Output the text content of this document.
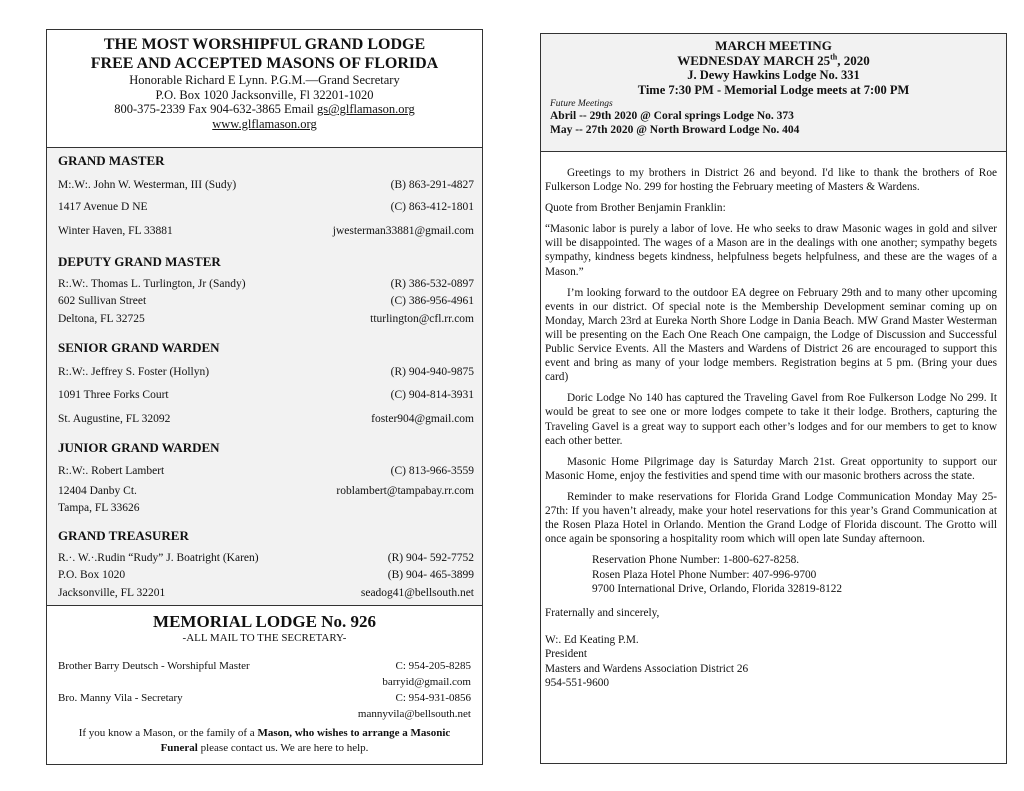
THE MOST WORSHIPFUL GRAND LODGE
FREE AND ACCEPTED MASONS OF FLORIDA
Honorable Richard E Lynn. P.G.M.—Grand Secretary
P.O. Box 1020 Jacksonville, Fl 32201-1020
800-375-2339 Fax 904-632-3865 Email gs@glflamason.org
www.glflamason.org
GRAND MASTER
M:.W:. John W. Westerman, III (Sudy)	(B) 863-291-4827
1417 Avenue D NE	(C) 863-412-1801
Winter Haven, FL 33881	jwesterman33881@gmail.com
DEPUTY GRAND MASTER
R:.W:. Thomas L. Turlington, Jr (Sandy)	(R) 386-532-0897
602 Sullivan Street	(C) 386-956-4961
Deltona, FL 32725	tturlington@cfl.rr.com
SENIOR GRAND WARDEN
R:.W:. Jeffrey S. Foster (Hollyn)	(R) 904-940-9875
1091 Three Forks Court	(C) 904-814-3931
St. Augustine, FL 32092	foster904@gmail.com
JUNIOR GRAND WARDEN
R:.W:. Robert Lambert	(C) 813-966-3559
12404 Danby Ct.	roblambert@tampabay.rr.com
Tampa, FL 33626
GRAND TREASURER
R.·. W.·.Rudin “Rudy” J. Boatright (Karen)	(R) 904- 592-7752
P.O. Box 1020	(B) 904- 465-3899
Jacksonville, FL 32201	seadog41@bellsouth.net
MEMORIAL LODGE No. 926
-ALL MAIL TO THE SECRETARY-
Brother Barry Deutsch - Worshipful Master	C: 954-205-8285
barryid@gmail.com
Bro. Manny Vila - Secretary	C: 954-931-0856
mannyvila@bellsouth.net
If you know a Mason, or the family of a Mason, who wishes to arrange a Masonic Funeral please contact us. We are here to help.
MARCH MEETING
WEDNESDAY MARCH 25th, 2020
J. Dewy Hawkins Lodge No. 331
Time 7:30 PM - Memorial Lodge meets at 7:00 PM
Future Meetings
Abril -- 29th 2020 @ Coral springs Lodge No. 373
May -- 27th 2020 @ North Broward Lodge No. 404

Greetings to my brothers in District 26 and beyond. I'd like to thank the brothers of Roe Fulkerson Lodge No. 299 for hosting the February meeting of Masters & Wardens.

Quote from Brother Benjamin Franklin:

“Masonic labor is purely a labor of love. He who seeks to draw Masonic wages in gold and silver will be disappointed. The wages of a Mason are in the dealings with one another; sympathy begets sympathy, kindness begets kindness, helpfulness begets helpfulness, and these are the wages of a Mason.”

I’m looking forward to the outdoor EA degree on February 29th and to many other upcoming events in our district. Of special note is the Membership Development seminar coming up on Monday, March 23rd at Eureka North Shore Lodge in Dania Beach. MW Grand Master Westerman will be presenting on the Each One Reach One campaign, the Lodge of Discussion and Successful Public Service Events. All the Masters and Wardens of District 26 are encouraged to support this event and bring as many of your lodge members. Registration begins at 5 pm. (Bring your dues card)

Doric Lodge No 140 has captured the Traveling Gavel from Roe Fulkerson Lodge No 299. It would be great to see one or more lodges compete to take it their lodge. Brothers, capturing the Traveling Gavel is a great way to support each other’s lodges and for our members to get to know each other better.

Masonic Home Pilgrimage day is Saturday March 21st. Great opportunity to support our Masonic Home, enjoy the festivities and spend time with our masonic brothers across the state.

Reminder to make reservations for Florida Grand Lodge Communication Monday May 25-27th: If you haven’t already, make your hotel reservations for this year’s Grand Communication at the Rosen Plaza Hotel in Orlando. Mention the Grand Lodge of Florida discount. The Grotto will once again be sponsoring a hospitality room which will open late Sunday afternoon.

Reservation Phone Number: 1-800-627-8258.
Rosen Plaza Hotel Phone Number: 407-996-9700
9700 International Drive, Orlando, Florida 32819-8122

Fraternally and sincerely,

W:. Ed Keating P.M.
President
Masters and Wardens Association District 26
954-551-9600
